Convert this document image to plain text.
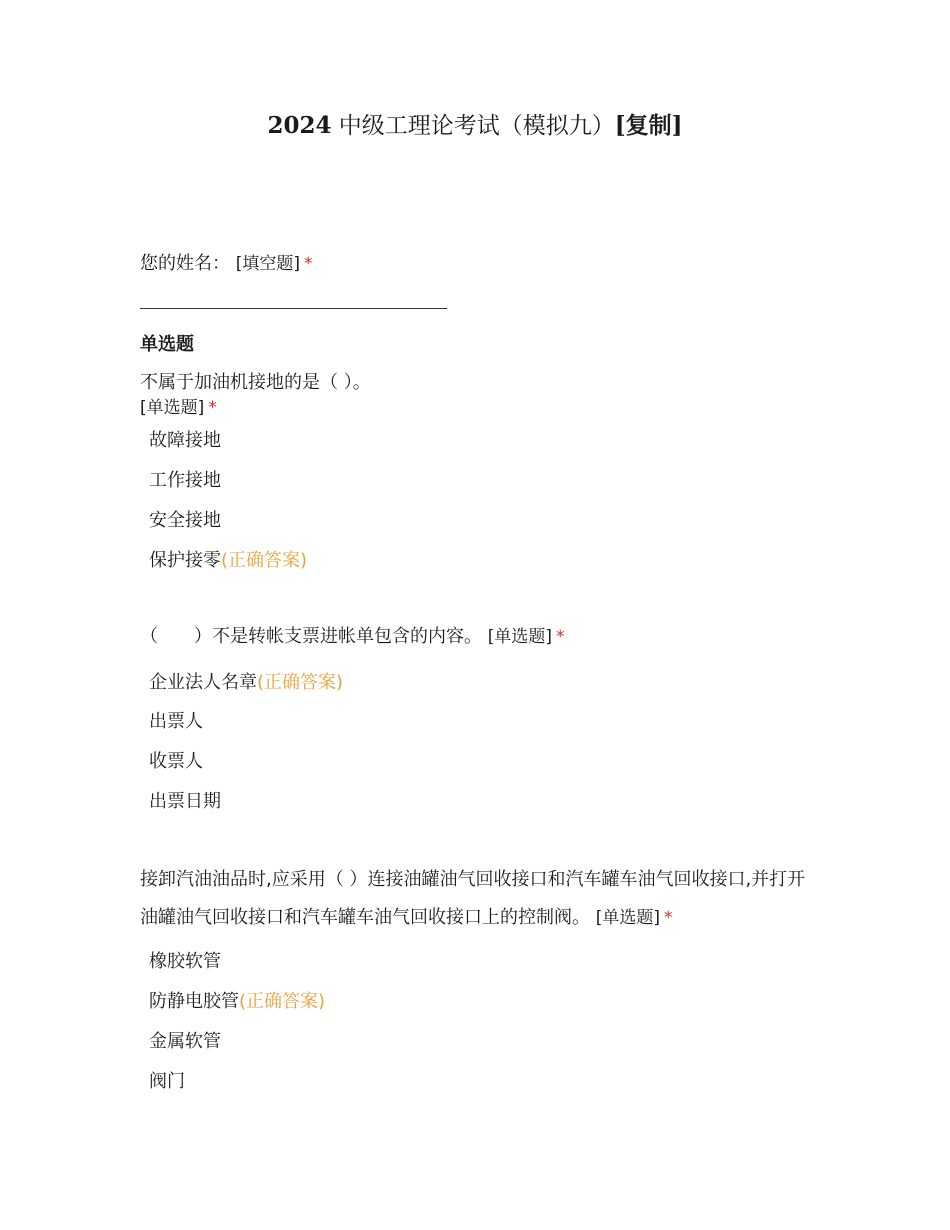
2024 中级工理论考试（模拟九）[复制]
您的姓名： [填空题] *
单选题
不属于加油机接地的是（ ）。
[单选题] *
故障接地
工作接地
安全接地
保护接零(正确答案)
（　　）不是转帐支票进帐单包含的内容。 [单选题] *
企业法人名章(正确答案)
出票人
收票人
出票日期
接卸汽油油品时,应采用（ ）连接油罐油气回收接口和汽车罐车油气回收接口,并打开油罐油气回收接口和汽车罐车油气回收接口上的控制阀。 [单选题] *
橡胶软管
防静电胶管(正确答案)
金属软管
阀门
